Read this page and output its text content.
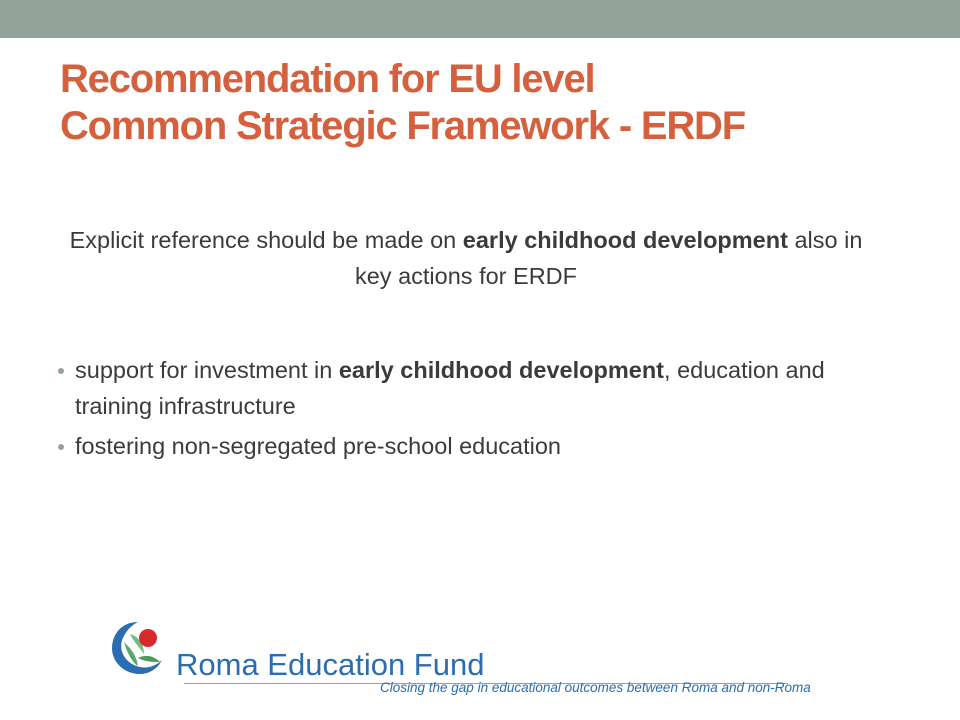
Recommendation for EU level
Common Strategic Framework - ERDF
Explicit reference should be made on early childhood development also in key actions for ERDF
support for investment in early childhood development, education and training infrastructure
fostering non-segregated pre-school education
Roma Education Fund
Closing the gap in educational outcomes between Roma and non-Roma
